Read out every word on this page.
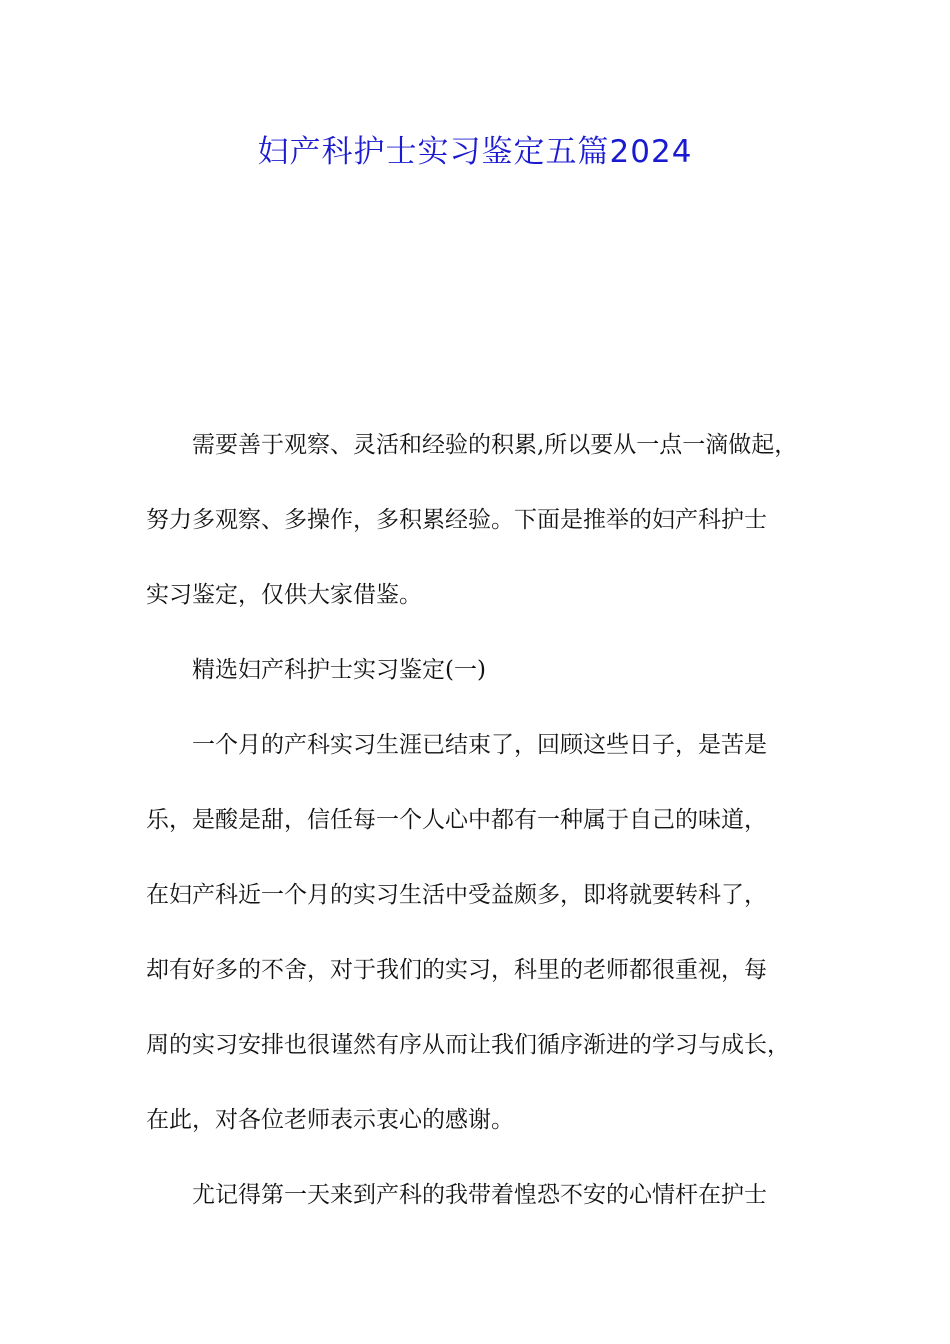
妇产科护士实习鉴定五篇2024
需要善于观察、灵活和经验的积累,所以要从一点一滴做起，
努力多观察、多操作，多积累经验。下面是推举的妇产科护士
实习鉴定，仅供大家借鉴。
精选妇产科护士实习鉴定(一)
一个月的产科实习生涯已结束了，回顾这些日子，是苦是
乐，是酸是甜，信任每一个人心中都有一种属于自己的味道，
在妇产科近一个月的实习生活中受益颇多，即将就要转科了，
却有好多的不舍，对于我们的实习，科里的老师都很重视，每
周的实习安排也很谨然有序从而让我们循序渐进的学习与成长，
在此，对各位老师表示衷心的感谢。
尤记得第一天来到产科的我带着惶恐不安的心情杆在护士
